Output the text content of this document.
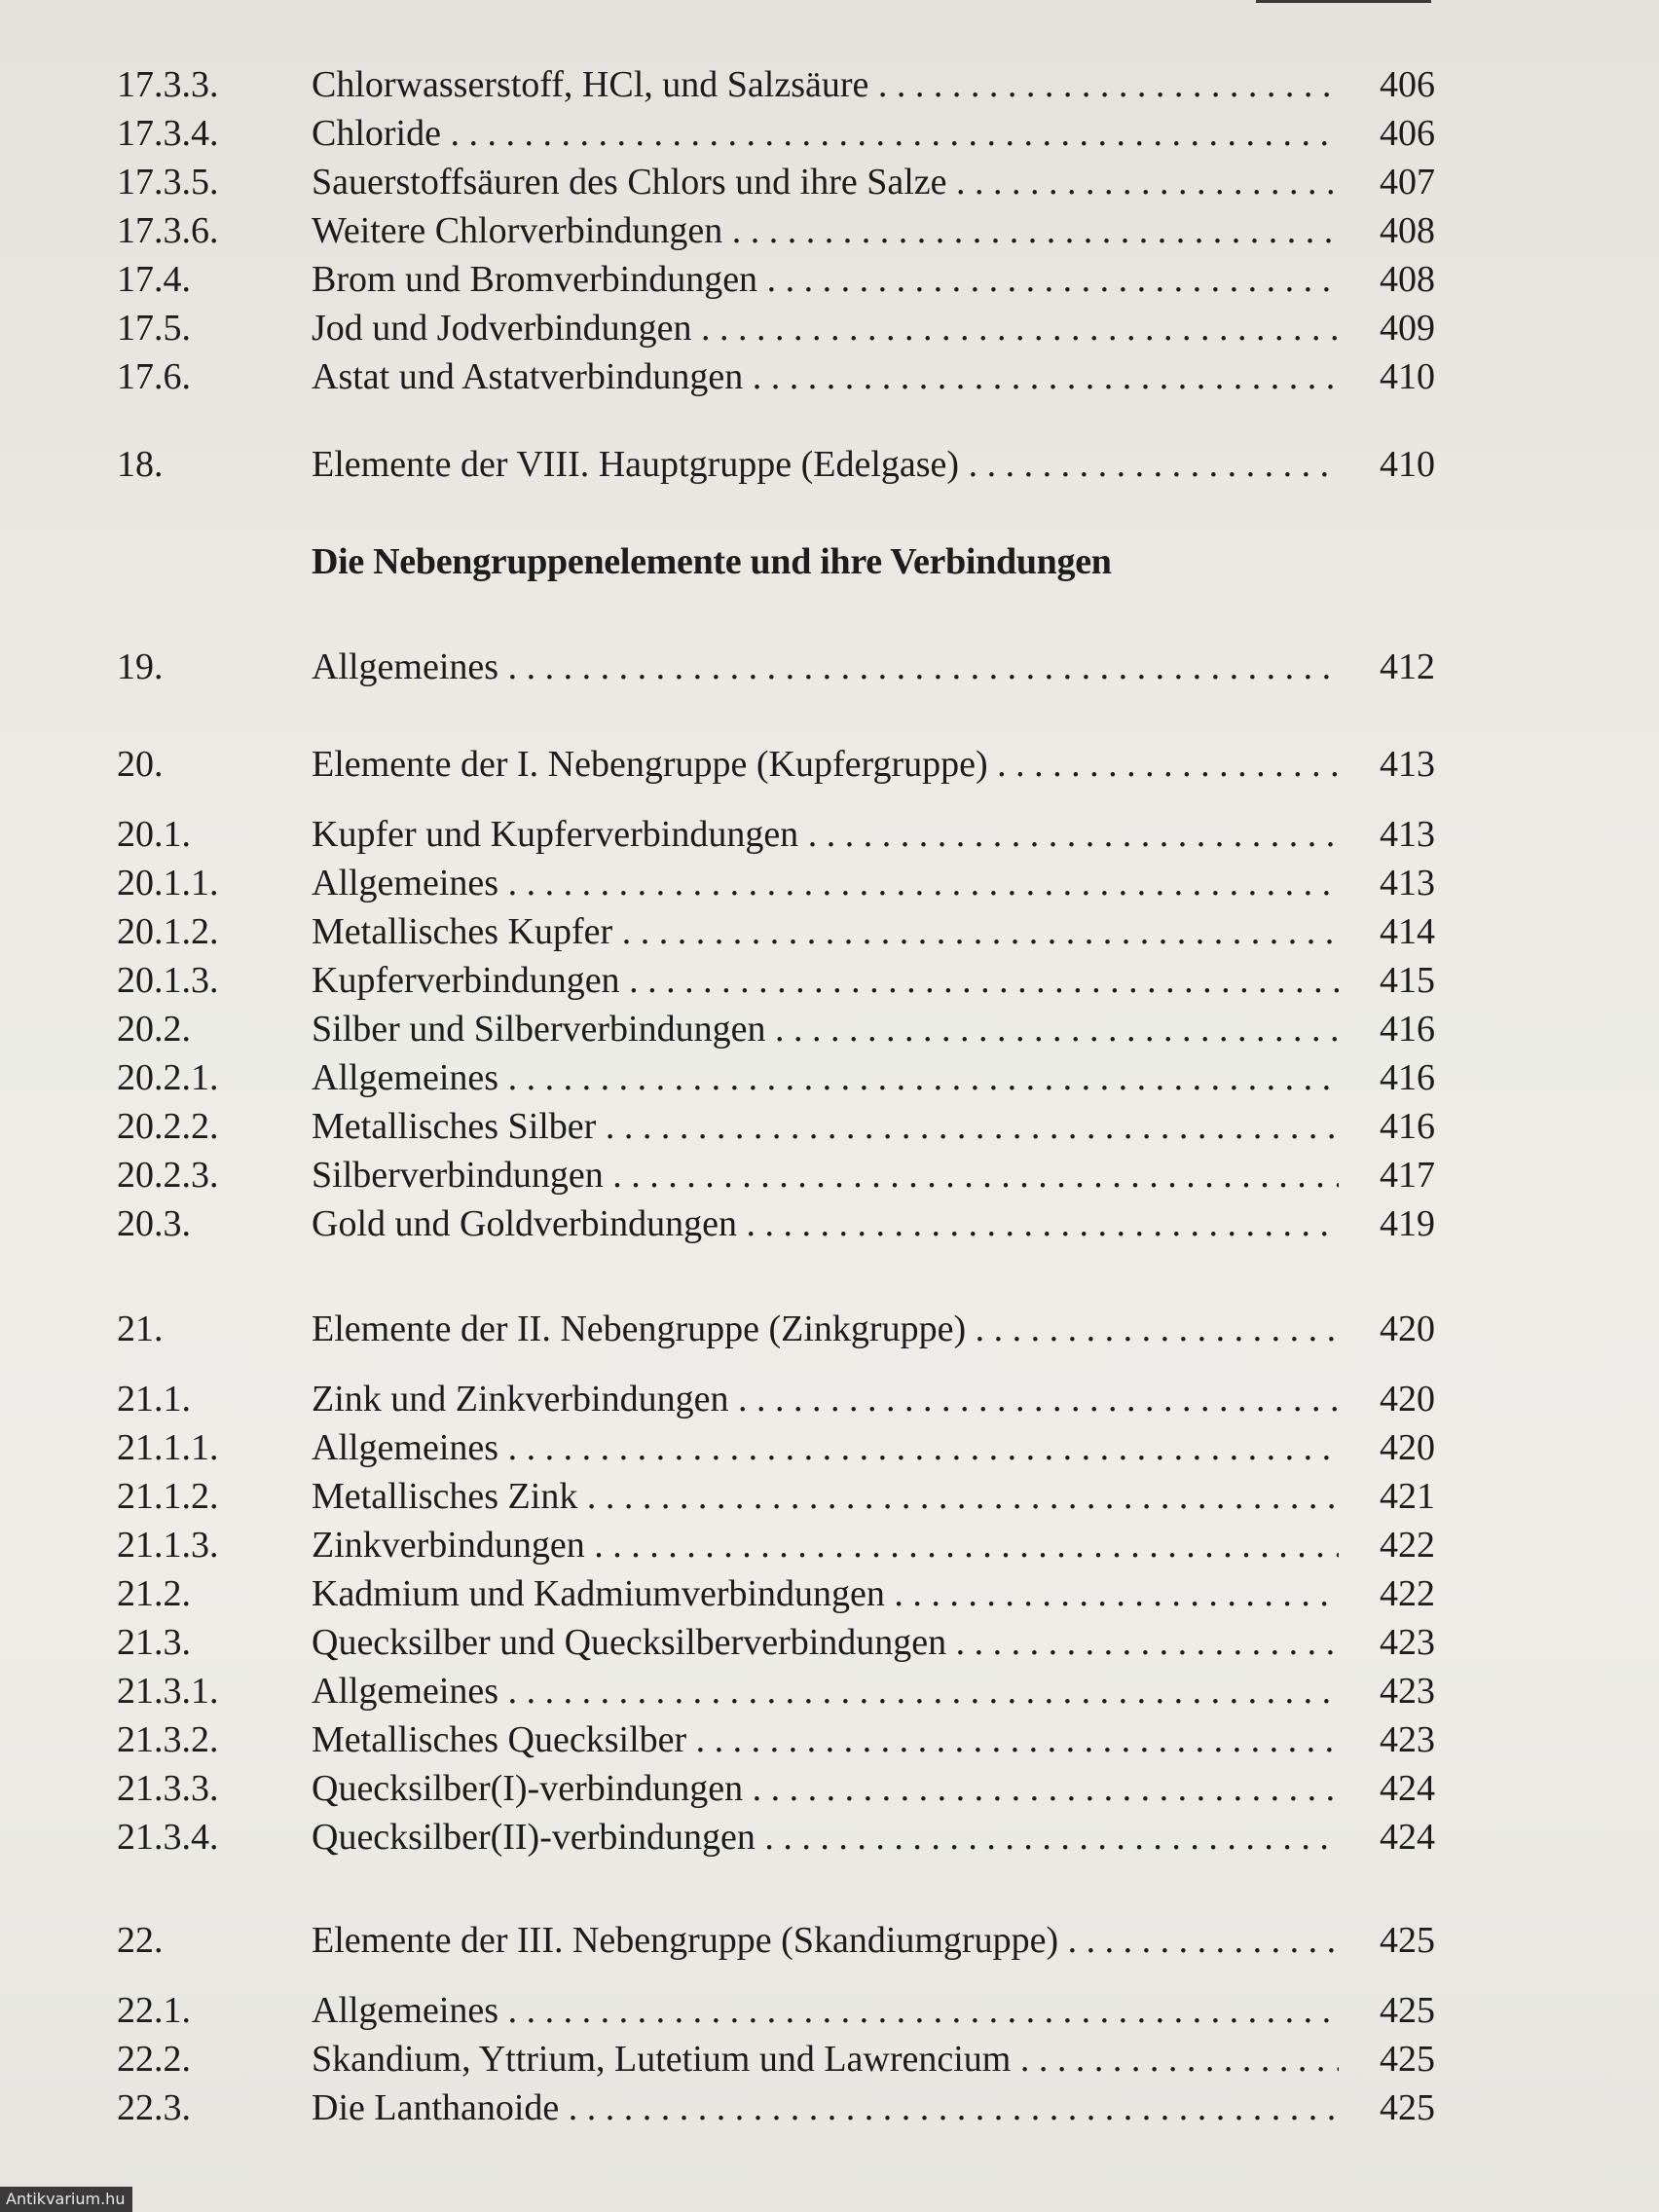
17.3.3.	Chlorwasserstoff, HCl, und Salzsäure . . .	406
17.3.4.	Chloride . . .	406
17.3.5.	Sauerstoffsäuren des Chlors und ihre Salze . . .	407
17.3.6.	Weitere Chlorverbindungen . . .	408
17.4.	Brom und Bromverbindungen . . .	408
17.5.	Jod und Jodverbindungen . . .	409
17.6.	Astat und Astatverbindungen . . .	410
18.	Elemente der VIII. Hauptgruppe (Edelgase) . . .	410
19.	Allgemeines . . .	412
20.	Elemente der I. Nebengruppe (Kupfergruppe) . . .	413
20.1.	Kupfer und Kupferverbindungen . . .	413
20.1.1.	Allgemeines . . .	413
20.1.2.	Metallisches Kupfer . . .	414
20.1.3.	Kupferverbindungen . . .	415
20.2.	Silber und Silberverbindungen . . .	416
20.2.1.	Allgemeines . . .	416
20.2.2.	Metallisches Silber . . .	416
20.2.3.	Silberverbindungen . . .	417
20.3.	Gold und Goldverbindungen . . .	419
21.	Elemente der II. Nebengruppe (Zinkgruppe) . . .	420
21.1.	Zink und Zinkverbindungen . . .	420
21.1.1.	Allgemeines . . .	420
21.1.2.	Metallisches Zink . . .	421
21.1.3.	Zinkverbindungen . . .	422
21.2.	Kadmium und Kadmiumverbindungen . . .	422
21.3.	Quecksilber und Quecksilberverbindungen . . .	423
21.3.1.	Allgemeines . . .	423
21.3.2.	Metallisches Quecksilber . . .	423
21.3.3.	Quecksilber(I)-verbindungen . . .	424
21.3.4.	Quecksilber(II)-verbindungen . . .	424
22.	Elemente der III. Nebengruppe (Skandiumgruppe) . . .	425
22.1.	Allgemeines . . .	425
22.2.	Skandium, Yttrium, Lutetium und Lawrencium . . .	425
22.3.	Die Lanthanoide . . .	425
Die Nebengruppenelemente und ihre Verbindungen
Antikvarium.hu
